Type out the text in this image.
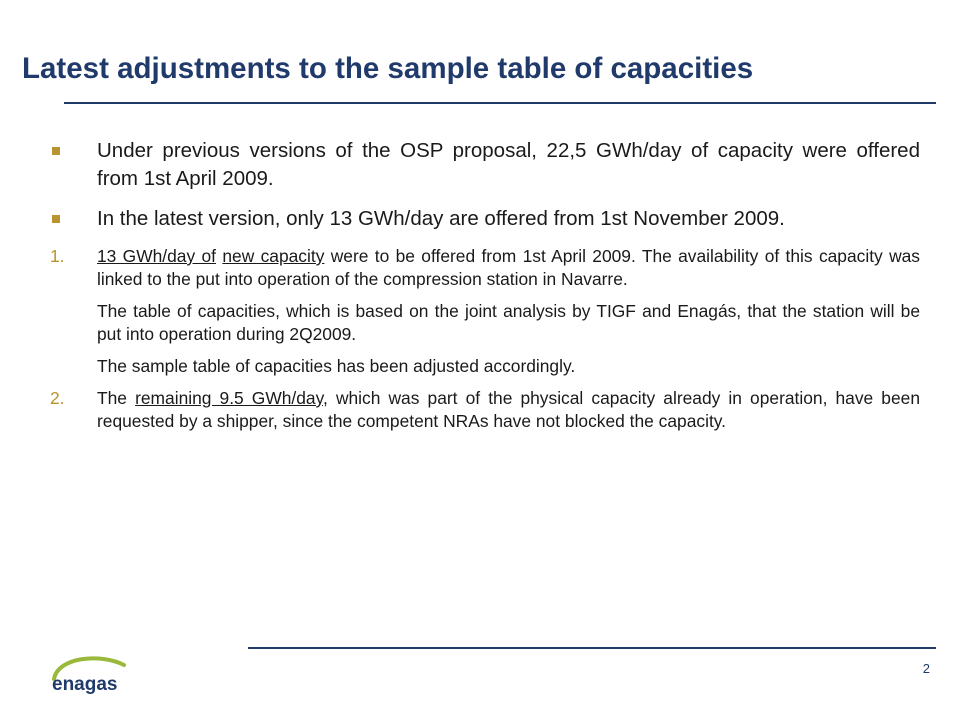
Latest adjustments to the sample table of capacities
Under previous versions of the OSP proposal, 22,5 GWh/day of capacity were offered from 1st April 2009.
In the latest version, only 13 GWh/day are offered from 1st November 2009.
1. 13 GWh/day of new capacity were to be offered from 1st April 2009. The availability of this capacity was linked to the put into operation of the compression station in Navarre.

The table of capacities, which is based on the joint analysis by TIGF and Enagás, that the station will be put into operation during 2Q2009.

The sample table of capacities has been adjusted accordingly.

2. The remaining 9.5 GWh/day, which was part of the physical capacity already in operation, have been requested by a shipper, since the competent NRAs have not blocked the capacity.
enagas
2
